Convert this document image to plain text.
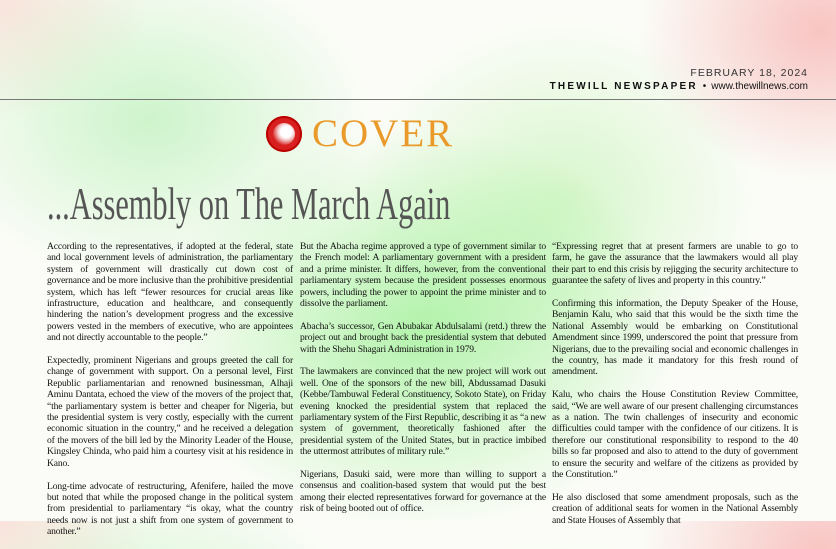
FEBRUARY 18, 2024
THEWILL NEWSPAPER • www.thewillnews.com
COVER
...Assembly on The March Again

According to the representatives, if adopted at the federal, state and local government levels of administration, the parliamentary system of government will drastically cut down cost of governance and be more inclusive than the prohibitive presidential system, which has left “fewer resources for crucial areas like infrastructure, education and healthcare, and consequently hindering the nation’s development progress and the excessive powers vested in the members of executive, who are appointees and not directly accountable to the people.”

Expectedly, prominent Nigerians and groups greeted the call for change of government with support. On a personal level, First Republic parliamentarian and renowned businessman, Alhaji Aminu Dantata, echoed the view of the movers of the project that, “the parliamentary system is better and cheaper for Nigeria, but the presidential system is very costly, especially with the current economic situation in the country,” and he received a delegation of the movers of the bill led by the Minority Leader of the House, Kingsley Chinda, who paid him a courtesy visit at his residence in Kano.

Long-time advocate of restructuring, Afenifere, hailed the move but noted that while the proposed change in the political system from presidential to parliamentary “is okay, what the country needs now is not just a shift from one system of government to another.”

But the Abacha regime approved a type of government similar to the French model: A parliamentary government with a president and a prime minister. It differs, however, from the conventional parliamentary system because the president possesses enormous powers, including the power to appoint the prime minister and to dissolve the parliament.

Abacha’s successor, Gen Abubakar Abdulsalami (retd.) threw the project out and brought back the presidential system that debuted with the Shehu Shagari Administration in 1979.

The lawmakers are convinced that the new project will work out well. One of the sponsors of the new bill, Abdussamad Dasuki (Kebbe/Tambuwal Federal Constituency, Sokoto State), on Friday evening knocked the presidential system that replaced the parliamentary system of the First Republic, describing it as “a new system of government, theoretically fashioned after the presidential system of the United States, but in practice imbibed the uttermost attributes of military rule.”

Nigerians, Dasuki said, were more than willing to support a consensus and coalition-based system that would put the best among their elected representatives forward for governance at the risk of being booted out of office.

“Expressing regret that at present farmers are unable to go to farm, he gave the assurance that the lawmakers would all play their part to end this crisis by rejigging the security architecture to guarantee the safety of lives and property in this country.”

Confirming this information, the Deputy Speaker of the House, Benjamin Kalu, who said that this would be the sixth time the National Assembly would be embarking on Constitutional Amendment since 1999, underscored the point that pressure from Nigerians, due to the prevailing social and economic challenges in the country, has made it mandatory for this fresh round of amendment.

Kalu, who chairs the House Constitution Review Committee, said, “We are well aware of our present challenging circumstances as a nation. The twin challenges of insecurity and economic difficulties could tamper with the confidence of our citizens. It is therefore our constitutional responsibility to respond to the 40 bills so far proposed and also to attend to the duty of government to ensure the security and welfare of the citizens as provided by the Constitution.”

He also disclosed that some amendment proposals, such as the creation of additional seats for women in the National Assembly and State Houses of Assembly that
